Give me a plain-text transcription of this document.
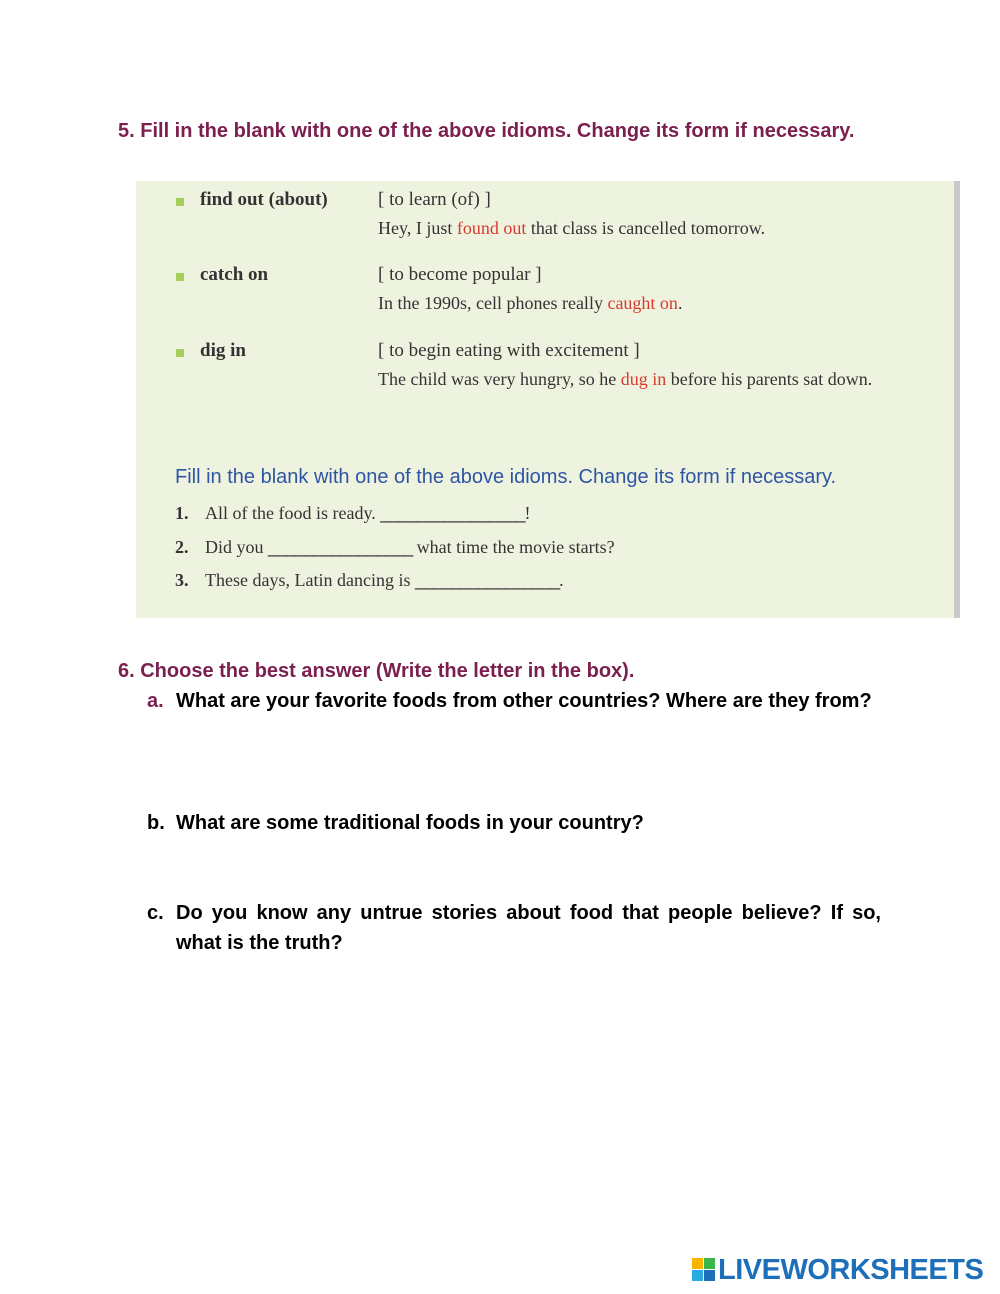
5. Fill in the blank with one of the above idioms. Change its form if necessary.
find out (about)	[ to learn (of) ]
Hey, I just found out that class is cancelled tomorrow.
catch on	[ to become popular ]
In the 1990s, cell phones really caught on.
dig in	[ to begin eating with excitement ]
The child was very hungry, so he dug in before his parents sat down.
Fill in the blank with one of the above idioms. Change its form if necessary.
1. All of the food is ready. ________________!
2. Did you ________________ what time the movie starts?
3. These days, Latin dancing is ________________.
6. Choose the best answer (Write the letter in the box).
a. What are your favorite foods from other countries? Where are they from?
b. What are some traditional foods in your country?
c. Do you know any untrue stories about food that people believe? If so, what is the truth?
LIVEWORKSHEETS
